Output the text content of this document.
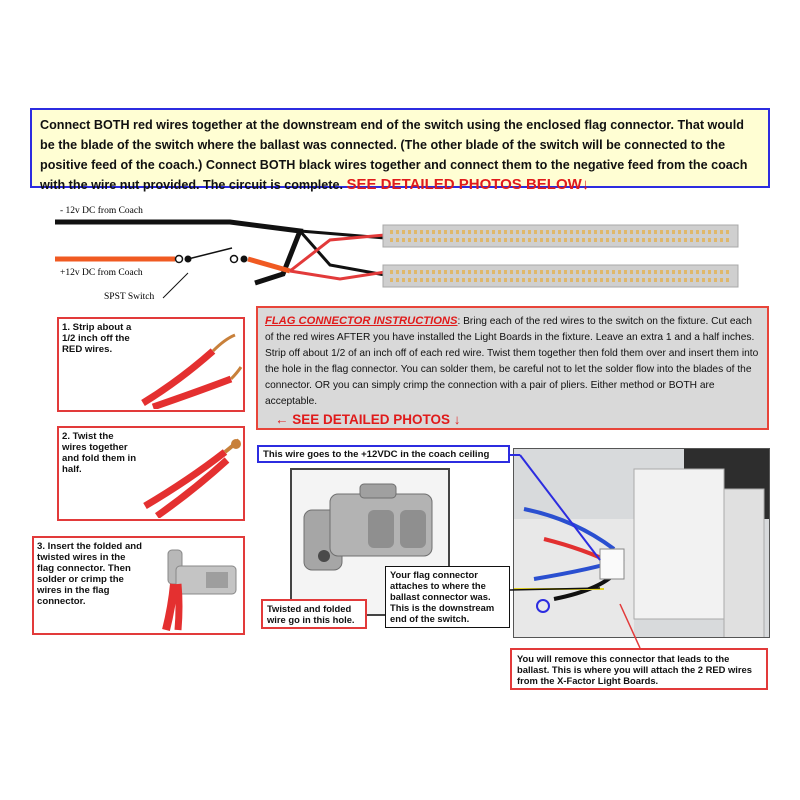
Connect BOTH red wires together at the downstream end of the switch using the enclosed flag connector. That would be the blade of the switch where the ballast was connected. (The other blade of the switch will be connected to the positive feed of the coach.) Connect BOTH black wires together and connect them to the negative feed from the coach with the wire nut provided. The circuit is complete. SEE DETAILED PHOTOS BELOW↓
- 12v DC from Coach
+12v DC from Coach
SPST Switch
1. Strip about a 1/2 inch off the RED wires.
2. Twist the wires together and fold them in half.
3. Insert the folded and twisted wires in the flag connector. Then solder or crimp the wires in the flag connector.
FLAG CONNECTOR INSTRUCTIONS: Bring each of the red wires to the switch on the fixture. Cut each of the red wires AFTER you have installed the Light Boards in the fixture. Leave an extra 1 and a half inches. Strip off about 1/2 of an inch off of each red wire. Twist them together then fold them over and insert them into the hole in the flag connector. You can solder them, be careful not to let the solder flow into the blades of the connector. OR you can simply crimp the connection with a pair of pliers. Either method or BOTH are acceptable.
← SEE DETAILED PHOTOS ↓
This wire goes to the +12VDC in the coach ceiling
Twisted and folded wire go in this hole.
Your flag connector attaches to where the ballast connector was. This is the downstream end of the switch.
You will remove this connector that leads to the ballast. This is where you will attach the 2 RED wires from the X-Factor Light Boards.
